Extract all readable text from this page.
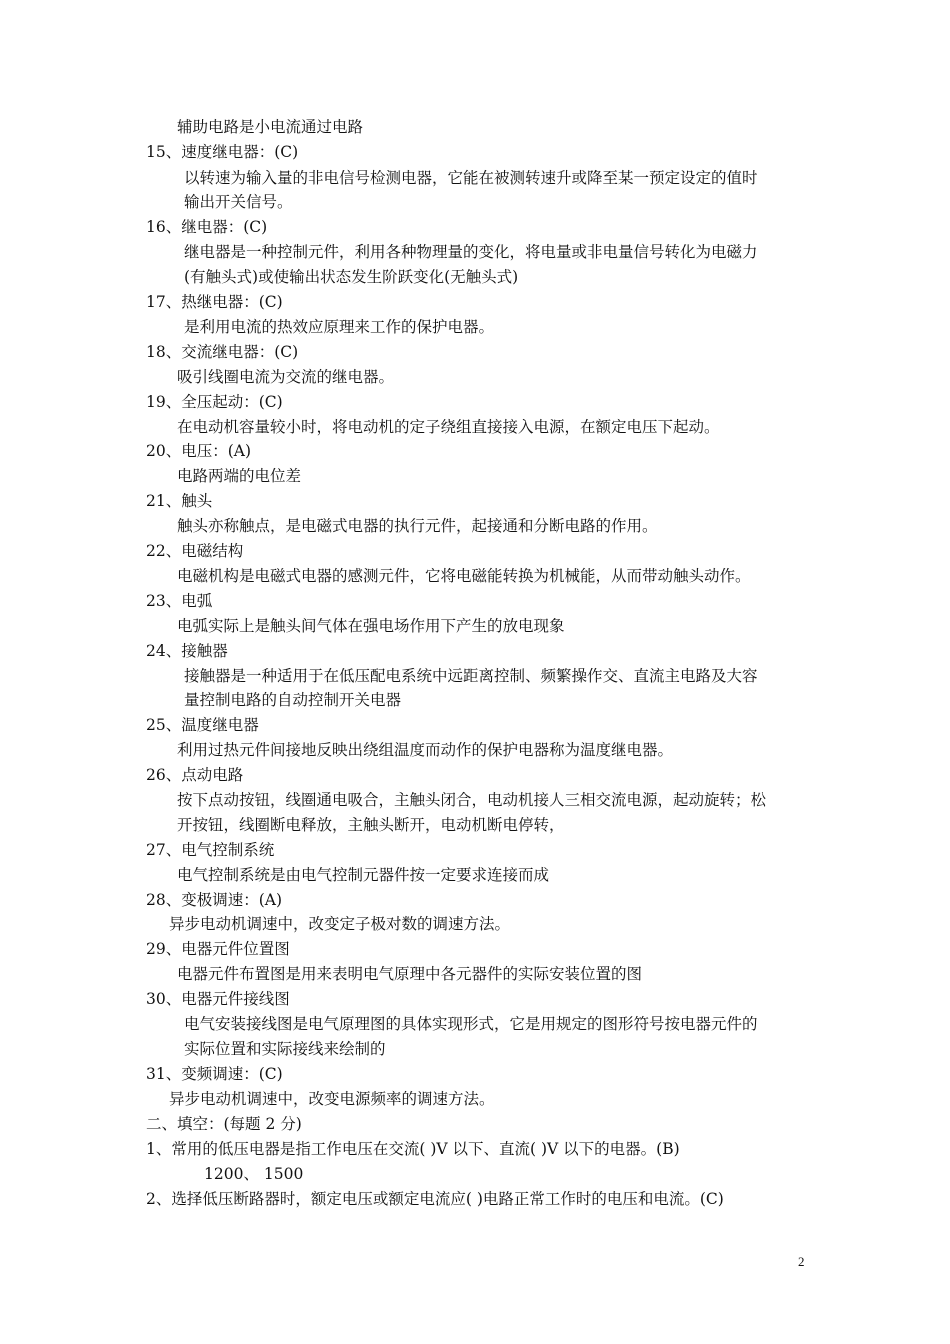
辅助电路是小电流通过电路
15、速度继电器：(C)
以转速为输入量的非电信号检测电器，它能在被测转速升或降至某一预定设定的值时
输出开关信号。
16、继电器：(C)
继电器是一种控制元件，利用各种物理量的变化，将电量或非电量信号转化为电磁力
(有触头式)或使输出状态发生阶跃变化(无触头式)
17、热继电器：(C)
是利用电流的热效应原理来工作的保护电器。
18、交流继电器：(C)
吸引线圈电流为交流的继电器。
19、全压起动：(C)
在电动机容量较小时，将电动机的定子绕组直接接入电源，在额定电压下起动。
20、电压：(A)
电路两端的电位差
21、触头
触头亦称触点，是电磁式电器的执行元件，起接通和分断电路的作用。
22、电磁结构
电磁机构是电磁式电器的感测元件，它将电磁能转换为机械能，从而带动触头动作。
23、电弧
电弧实际上是触头间气体在强电场作用下产生的放电现象
24、接触器
接触器是一种适用于在低压配电系统中远距离控制、频繁操作交、直流主电路及大容
量控制电路的自动控制开关电器
25、温度继电器
利用过热元件间接地反映出绕组温度而动作的保护电器称为温度继电器。
26、点动电路
按下点动按钮，线圈通电吸合，主触头闭合，电动机接人三相交流电源，起动旋转；松
开按钮，线圈断电释放，主触头断开，电动机断电停转，
27、电气控制系统
电气控制系统是由电气控制元器件按一定要求连接而成
28、变极调速：(A)
异步电动机调速中，改变定子极对数的调速方法。
29、电器元件位置图
电器元件布置图是用来表明电气原理中各元器件的实际安装位置的图
30、电器元件接线图
电气安装接线图是电气原理图的具体实现形式，它是用规定的图形符号按电器元件的
实际位置和实际接线来绘制的
31、变频调速：(C)
异步电动机调速中，改变电源频率的调速方法。
二、填空：(每题 2 分)
1、常用的低压电器是指工作电压在交流( )V 以下、直流( )V 以下的电器。(B)
1200、 1500
2、选择低压断路器时，额定电压或额定电流应( )电路正常工作时的电压和电流。(C)
2
